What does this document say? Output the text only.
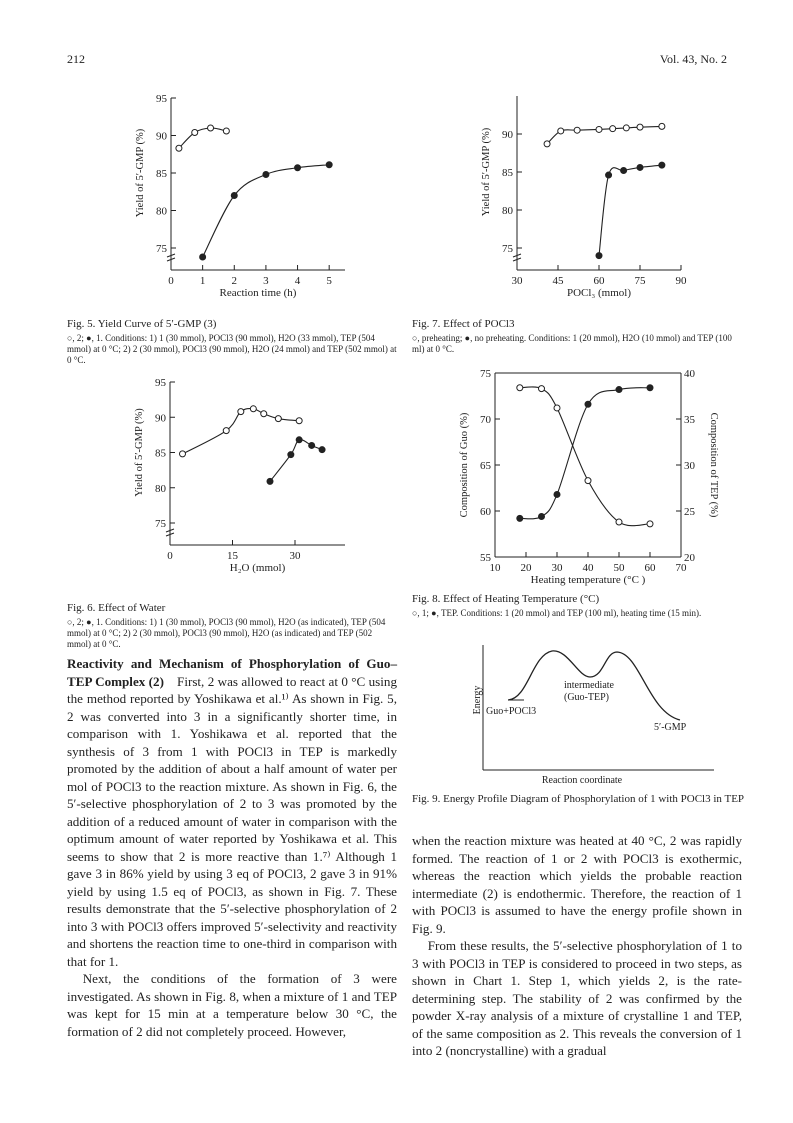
212	Vol. 43, No. 2
75
80
85
90
95
0 1 2 3 4 5
Reaction time (h)
Yield of 5′-GMP (%)
Fig. 5. Yield Curve of 5′-GMP (3)
○, 2; ●, 1. Conditions: 1) 1 (30 mmol), POCl3 (90 mmol), H2O (33 mmol), TEP (504 mmol) at 0 °C; 2) 2 (30 mmol), POCl3 (90 mmol), H2O (24 mmol) and TEP (502 mmol) at 0 °C.
75
80
85
90
95
0	15	30
H₂O (mmol)
Yield of 5′-GMP (%)
Fig. 6. Effect of Water
○, 2; ●, 1. Conditions: 1) 1 (30 mmol), POCl3 (90 mmol), H2O (as indicated), TEP (504 mmol) at 0 °C; 2) 2 (30 mmol), POCl3 (90 mmol), H2O (as indicated) and TEP (502 mmol) at 0 °C.
75
80
85
90
30	45	60	75	90
POCl₃ (mmol)
Yield of 5′-GMP (%)
Fig. 7. Effect of POCl3
○, preheating; ●, no preheating. Conditions: 1 (20 mmol), H2O (10 mmol) and TEP (100 ml) at 0 °C.
55
60
65
70
75
20
25
30
35
40
10 20 30 40 50 60 70
Heating temperature (°C )
Composition of Guo (%)	Composition of TEP (%)
Fig. 8. Effect of Heating Temperature (°C)
○, 1; ●, TEP. Conditions: 1 (20 mmol) and TEP (100 ml), heating time (15 min).
Energy
Reaction coordinate
intermediate
(Guo-TEP)
Guo+POCl3
5′-GMP
Fig. 9. Energy Profile Diagram of Phosphorylation of 1 with POCl3 in TEP

Reactivity and Mechanism of Phosphorylation of Guo–TEP Complex (2)  First, 2 was allowed to react at 0 °C using the method reported by Yoshikawa et al.¹⁾ As shown in Fig. 5, 2 was converted into 3 in a significantly shorter time, in comparison with 1. Yoshikawa et al. reported that the synthesis of 3 from 1 with POCl3 in TEP is markedly promoted by the addition of about a half amount of water per mol of POCl3 to the reaction mixture. As shown in Fig. 6, the 5′-selective phosphorylation of 2 to 3 was promoted by the addition of a reduced amount of water in comparison with the optimum amount of water reported by Yoshikawa et al. This seems to show that 2 is more reactive than 1.⁷⁾ Although 1 gave 3 in 86% yield by using 3 eq of POCl3, 2 gave 3 in 91% yield by using 1.5 eq of POCl3, as shown in Fig. 7. These results demonstrate that the 5′-selective phosphorylation of 2 into 3 with POCl3 offers improved 5′-selectivity and reactivity and shortens the reaction time to one-third in comparison with that for 1.

Next, the conditions of the formation of 3 were investigated. As shown in Fig. 8, when a mixture of 1 and TEP was kept for 15 min at a temperature below 30 °C, the formation of 2 did not completely proceed. However,

when the reaction mixture was heated at 40 °C, 2 was rapidly formed. The reaction of 1 or 2 with POCl3 is exothermic, whereas the reaction which yields the probable reaction intermediate (2) is endothermic. Therefore, the reaction of 1 with POCl3 is assumed to have the energy profile shown in Fig. 9.

From these results, the 5′-selective phosphorylation of 1 to 3 with POCl3 in TEP is considered to proceed in two steps, as shown in Chart 1. Step 1, which yields 2, is the rate-determining step. The stability of 2 was confirmed by the powder X-ray analysis of a mixture of crystalline 1 and TEP, of the same composition as 2. This reveals the conversion of 1 into 2 (noncrystalline) with a gradual
